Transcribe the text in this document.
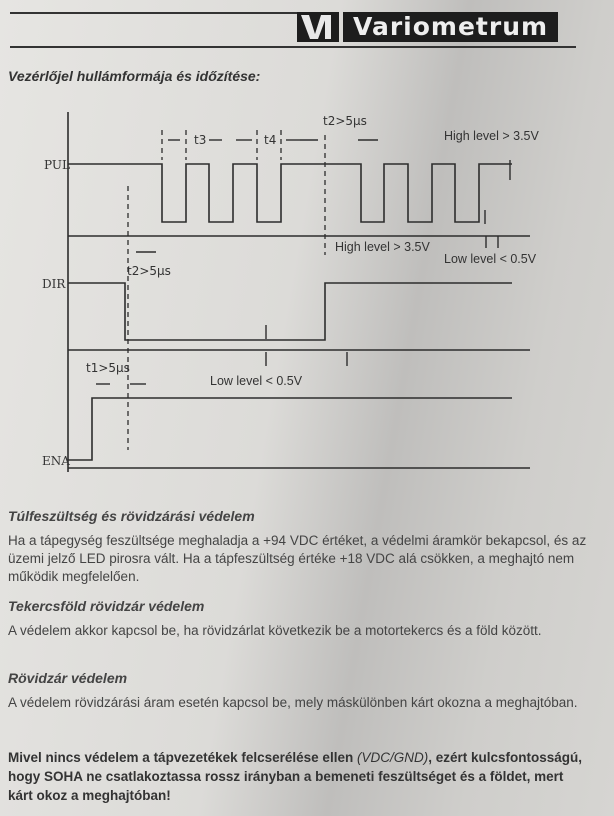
Variometrum
Vezérlőjel hullámformája és időzítése:
PUL
DIR
ENA
t3	t4
t2>5μs
t2>5μs
t1>5μs
High level > 3.5V
High level > 3.5V
Low level < 0.5V
Low level < 0.5V
Túlfeszültség és rövidzárási védelem
Ha a tápegység feszültsége meghaladja a +94 VDC értéket, a védelmi áramkör bekapcsol, és az üzemi jelző LED pirosra vált. Ha a tápfeszültség értéke +18 VDC alá csökken, a meghajtó nem működik megfelelően.
Tekercsföld rövidzár védelem
A védelem akkor kapcsol be, ha rövidzárlat következik be a motortekercs és a föld között.
Rövidzár védelem
A védelem rövidzárási áram esetén kapcsol be, mely máskülönben kárt okozna a meghajtóban.
Mivel nincs védelem a tápvezetékek felcserélése ellen (VDC/GND), ezért kulcsfontosságú, hogy SOHA ne csatlakoztassa rossz irányban a bemeneti feszültséget és a földet, mert kárt okoz a meghajtóban!
